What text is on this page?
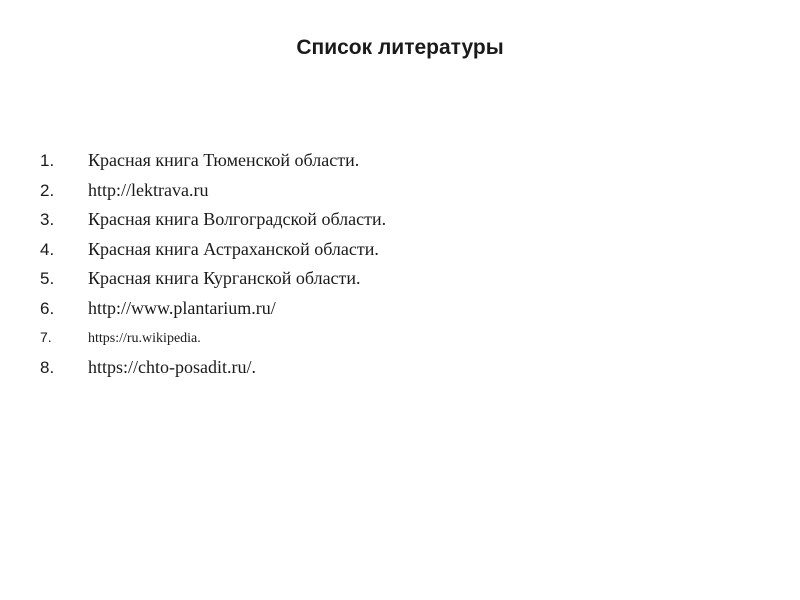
Список литературы
1.	Красная книга Тюменской области.
2.	http://lektrava.ru
3.	Красная книга Волгоградской области.
4.	Красная книга Астраханской области.
5.	Красная книга Курганской области.
6.	http://www.plantarium.ru/
7.	https://ru.wikipedia.
8.	https://chto-posadit.ru/.
